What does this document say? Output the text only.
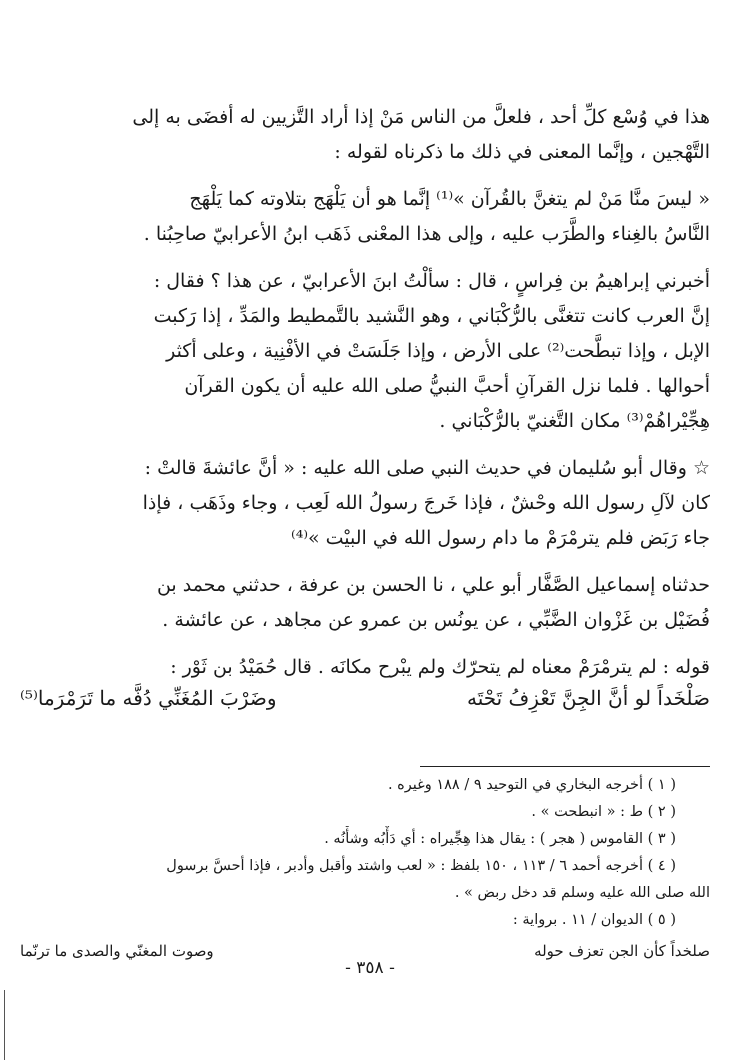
هذا في وُسْع كلِّ أحد ، فلعلَّ من الناس مَنْ إذا أراد التَّزيين له أفضَى به إلى
التَّهْجين ، وإنَّما المعنى في ذلك ما ذكرناه لقوله :

« ليسَ منَّا مَنْ لم يتغنَّ بالقُرآن »⁽¹⁾ إنَّما هو أن يَلْهَج بتلاوته كما يَلْهَج
النَّاسُ بالغِناء والطَّرَب عليه ، وإلى هذا المعْنى ذَهَب ابنُ الأعرابيّ صاحِبُنا .

أخبرني إبراهيمُ بن فِراسٍ ، قال : سألْتُ ابنَ الأعرابيّ ، عن هذا ؟ فقال :
إنَّ العرب كانت تتغنَّى بالرُّكْبَاني ، وهو النَّشيد بالتَّمطيط والمَدِّ ، إذا رَكبت
الإبل ، وإذا تبطَّحت⁽²⁾ على الأرض ، وإذا جَلَسَتْ في الأفْنِية ، وعلى أكثر
أحوالها . فلما نزل القرآنِ أحبَّ النبيُّ صلى الله عليه أن يكون القرآن
هِجِّيْراهُمْ⁽³⁾ مكان التَّغنيّ بالرُّكْبَاني .

☆ وقال أبو سُليمان في حديث النبي صلى الله عليه : « أنَّ عائشةَ قالتْ :
كان لآلِ رسول الله وحْشٌ ، فإذا خَرجَ رسولُ الله لَعِب ، وجاء وذَهَب ، فإذا
جاء رَبَض فلم يترمْرَمْ ما دام رسول الله في البيْت »⁽⁴⁾

حدثناه إسماعيل الصَّفَّار أبو علي ، نا الحسن بن عرفة ، حدثني محمد بن
فُضَيْل بن غَزْوان الضَّبِّي ، عن يونُس بن عمرو عن مجاهد ، عن عائشة .

قوله : لم يترمْرَمْ معناه لم يتحرّك ولم يبْرح مكانَه . قال حُمَيْدُ بن ثَوْر :

صَلْخَداً لو أنَّ الجِنَّ تَعْزِفُ تَحْتَه
وضَرْبَ المُغَنِّي دُفَّه ما تَرَمْرَما⁽⁵⁾
( ١ ) أخرجه البخاري في التوحيد ٩ / ١٨٨ وغيره .
( ٢ ) ط : « انبطحت » .
( ٣ ) القاموس ( هجر ) : يقال هذا هِجِّيراه : أي دَأْبُه وشأْنُه .
( ٤ ) أخرجه أحمد ٦ / ١١٣ ، ١٥٠ بلفظ : « لعب واشتد وأقبل وأدبر ، فإذا أحسَّ برسول
الله صلى الله عليه وسلم قد دخل ربض » .
( ٥ ) الديوان / ١١ . برواية :
صلخداً كأن الجن تعزف حوله
وصوت المغنّي والصدى ما ترنّما
- ٣٥٨ -
